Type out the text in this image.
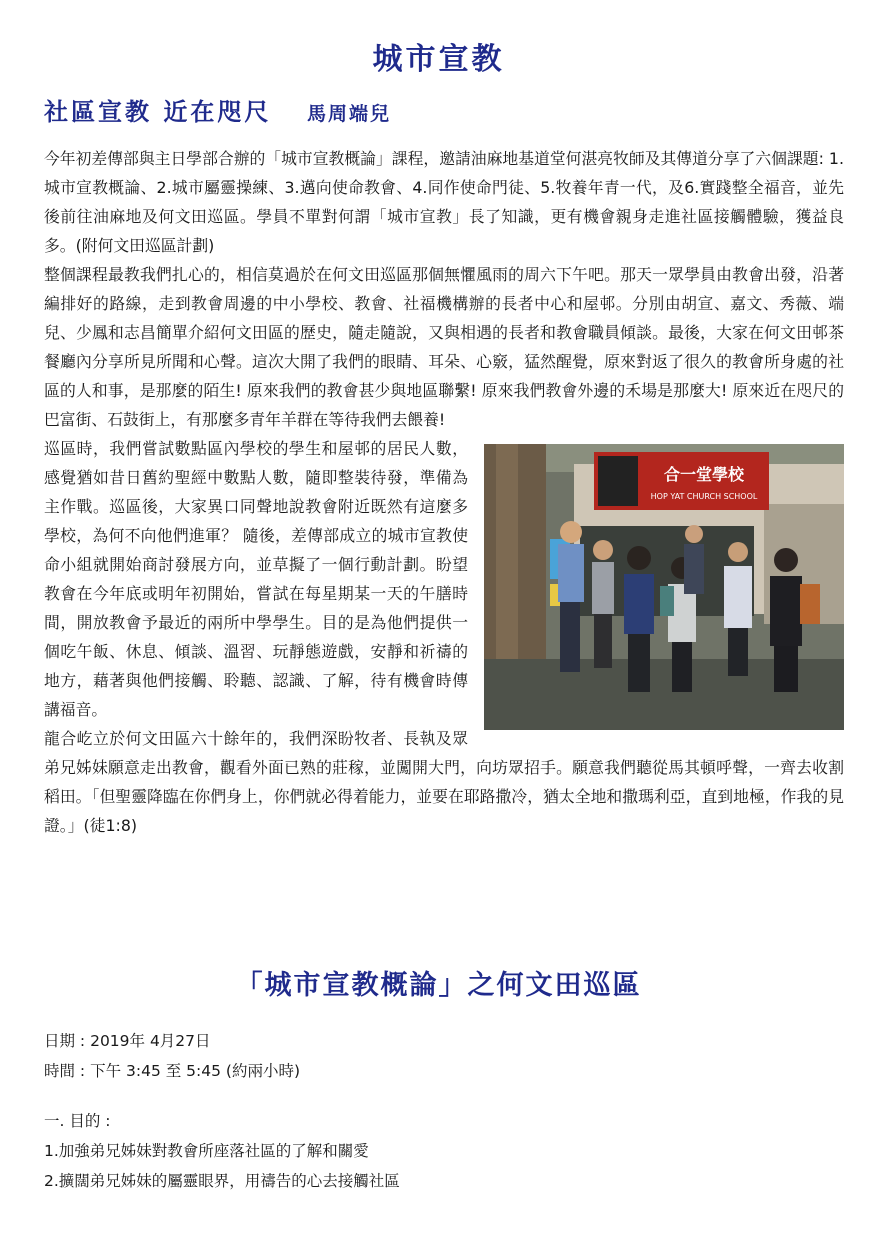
城市宣教
社區宣教 近在咫尺 馬周端兒

今年初差傳部與主日學部合辦的「城市宣教概論」課程，邀請油麻地基道堂何湛亮牧師及其傳道分享了六個課題: 1.城市宣教概論、2.城市屬靈操練、3.邁向使命教會、4.同作使命門徒、5.牧養年青一代，及6.實踐整全福音，並先後前往油麻地及何文田巡區。學員不單對何謂「城市宣教」長了知識，更有機會親身走進社區接觸體驗，獲益良多。(附何文田巡區計劃)

整個課程最教我們扎心的，相信莫過於在何文田巡區那個無懼風雨的周六下午吧。那天一眾學員由教會出發，沿著編排好的路線，走到教會周邊的中小學校、教會、社福機構辦的長者中心和屋邨。分別由胡宣、嘉文、秀薇、端兒、少鳳和志昌簡單介紹何文田區的歷史，隨走隨說，又與相遇的長者和教會職員傾談。最後，大家在何文田邨茶餐廳內分享所見所聞和心聲。這次大開了我們的眼睛、耳朵、心竅，猛然醒覺，原來對返了很久的教會所身處的社區的人和事，是那麼的陌生! 原來我們的教會甚少與地區聯繫! 原來我們教會外邊的禾場是那麼大! 原來近在咫尺的巴富街、石鼓街上，有那麼多青年羊群在等待我們去餵養!

合一堂學校
HOP YAT CHURCH SCHOOL

巡區時，我們嘗試數點區內學校的學生和屋邨的居民人數，感覺猶如昔日舊約聖經中數點人數，隨即整裝待發，準備為主作戰。巡區後，大家異口同聲地說教會附近既然有這麼多學校，為何不向他們進軍？ 隨後，差傳部成立的城市宣教使命小組就開始商討發展方向，並草擬了一個行動計劃。盼望教會在今年底或明年初開始，嘗試在每星期某一天的午膳時間，開放教會予最近的兩所中學學生。目的是為他們提供一個吃午飯、休息、傾談、溫習、玩靜態遊戲，安靜和祈禱的地方，藉著與他們接觸、聆聽、認識、了解，待有機會時傳講福音。

龍合屹立於何文田區六十餘年的，我們深盼牧者、長執及眾弟兄姊妹願意走出教會，觀看外面已熟的莊稼，並闖開大門，向坊眾招手。願意我們聽從馬其頓呼聲，一齊去收割稻田。「但聖靈降臨在你們身上，你們就必得着能力，並要在耶路撒冷，猶太全地和撒瑪利亞，直到地極，作我的見證。」(徒1:8)

「城市宣教概論」之何文田巡區
日期 : 2019年 4月27日
時間 : 下午 3:45 至 5:45 (約兩小時)
一. 目的 :
1.加強弟兄姊妹對教會所座落社區的了解和關愛
2.擴闊弟兄姊妹的屬靈眼界，用禱告的心去接觸社區
